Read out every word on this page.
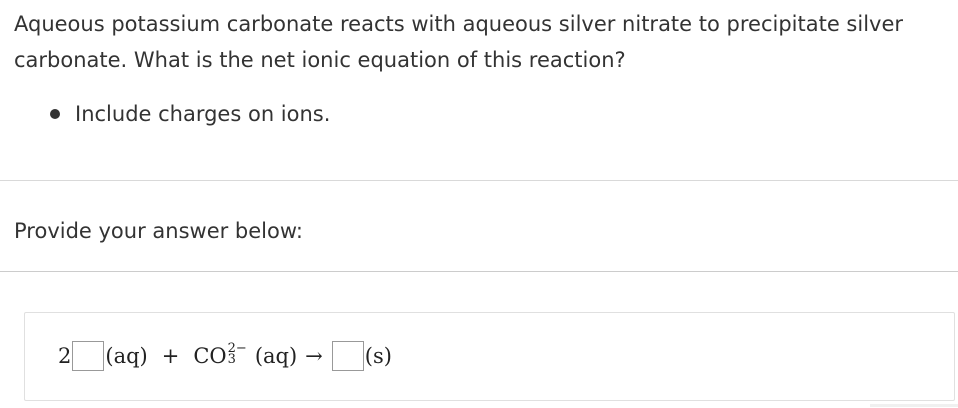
Aqueous potassium carbonate reacts with aqueous silver nitrate to precipitate silver carbonate. What is the net ionic equation of this reaction?

Include charges on ions.
Provide your answer below:
2 (aq) + CO 2−
3 (aq) → (s)
